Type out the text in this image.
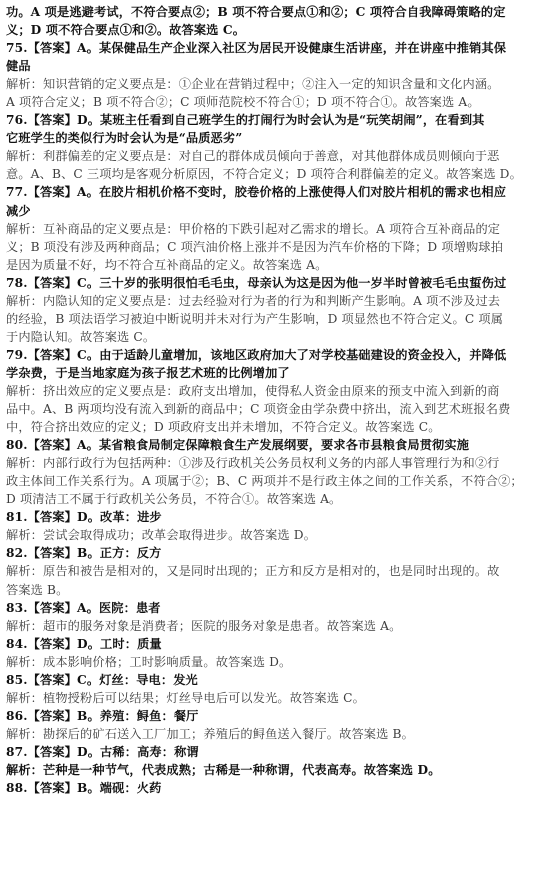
功。A 项是逃避考试，不符合要点②；B 项不符合要点①和②；C 项符合自我障碍策略的定
义；D 项不符合要点①和②。故答案选 C。
75.【答案】A。某保健品生产企业深入社区为居民开设健康生活讲座，并在讲座中推销其保
健品
解析：知识营销的定义要点是：①企业在营销过程中；②注入一定的知识含量和文化内涵。
A 项符合定义；B 项不符合②；C 项师范院校不符合①；D 项不符合①。故答案选 A。
76.【答案】D。某班主任看到自己班学生的打闹行为时会认为是“玩笑胡闹”，在看到其
它班学生的类似行为时会认为是“品质恶劣”
解析：利群偏差的定义要点是：对自己的群体成员倾向于善意，对其他群体成员则倾向于恶
意。A、B、C 三项均是客观分析原因，不符合定义；D 项符合利群偏差的定义。故答案选 D。
77.【答案】A。在胶片相机价格不变时，胶卷价格的上涨使得人们对胶片相机的需求也相应
减少
解析：互补商品的定义要点是：甲价格的下跌引起对乙需求的增长。A 项符合互补商品的定
义；B 项没有涉及两种商品；C 项汽油价格上涨并不是因为汽车价格的下降；D 项增购球拍
是因为质量不好，均不符合互补商品的定义。故答案选 A。
78.【答案】C。三十岁的张明很怕毛毛虫，母亲认为这是因为他一岁半时曾被毛毛虫蜇伤过
解析：内隐认知的定义要点是：过去经验对行为者的行为和判断产生影响。A 项不涉及过去
的经验，B 项法语学习被迫中断说明并未对行为产生影响，D 项显然也不符合定义。C 项属
于内隐认知。故答案选 C。
79.【答案】C。由于适龄儿童增加，该地区政府加大了对学校基础建设的资金投入，并降低
学杂费，于是当地家庭为孩子报艺术班的比例增加了
解析：挤出效应的定义要点是：政府支出增加，使得私人资金由原来的预支中流入到新的商
品中。A、B 两项均没有流入到新的商品中；C 项资金由学杂费中挤出，流入到艺术班报名费
中，符合挤出效应的定义；D 项政府支出并未增加，不符合定义。故答案选 C。
80.【答案】A。某省粮食局制定保障粮食生产发展纲要，要求各市县粮食局贯彻实施
解析：内部行政行为包括两种：①涉及行政机关公务员权利义务的内部人事管理行为和②行
政主体间工作关系行为。A 项属于②；B、C 两项并不是行政主体之间的工作关系，不符合②；
D 项清洁工不属于行政机关公务员，不符合①。故答案选 A。
81.【答案】D。改革：进步
解析：尝试会取得成功；改革会取得进步。故答案选 D。
82.【答案】B。正方：反方
解析：原告和被告是相对的，又是同时出现的；正方和反方是相对的，也是同时出现的。故
答案选 B。
83.【答案】A。医院：患者
解析：超市的服务对象是消费者；医院的服务对象是患者。故答案选 A。
84.【答案】D。工时：质量
解析：成本影响价格；工时影响质量。故答案选 D。
85.【答案】C。灯丝：导电：发光
解析：植物授粉后可以结果；灯丝导电后可以发光。故答案选 C。
86.【答案】B。养殖：鲟鱼：餐厅
解析：勘探后的矿石送入工厂加工；养殖后的鲟鱼送入餐厅。故答案选 B。
87.【答案】D。古稀：高寿：称谓
解析：芒种是一种节气，代表成熟；古稀是一种称谓，代表高寿。故答案选 D。
88.【答案】B。端砚：火药
